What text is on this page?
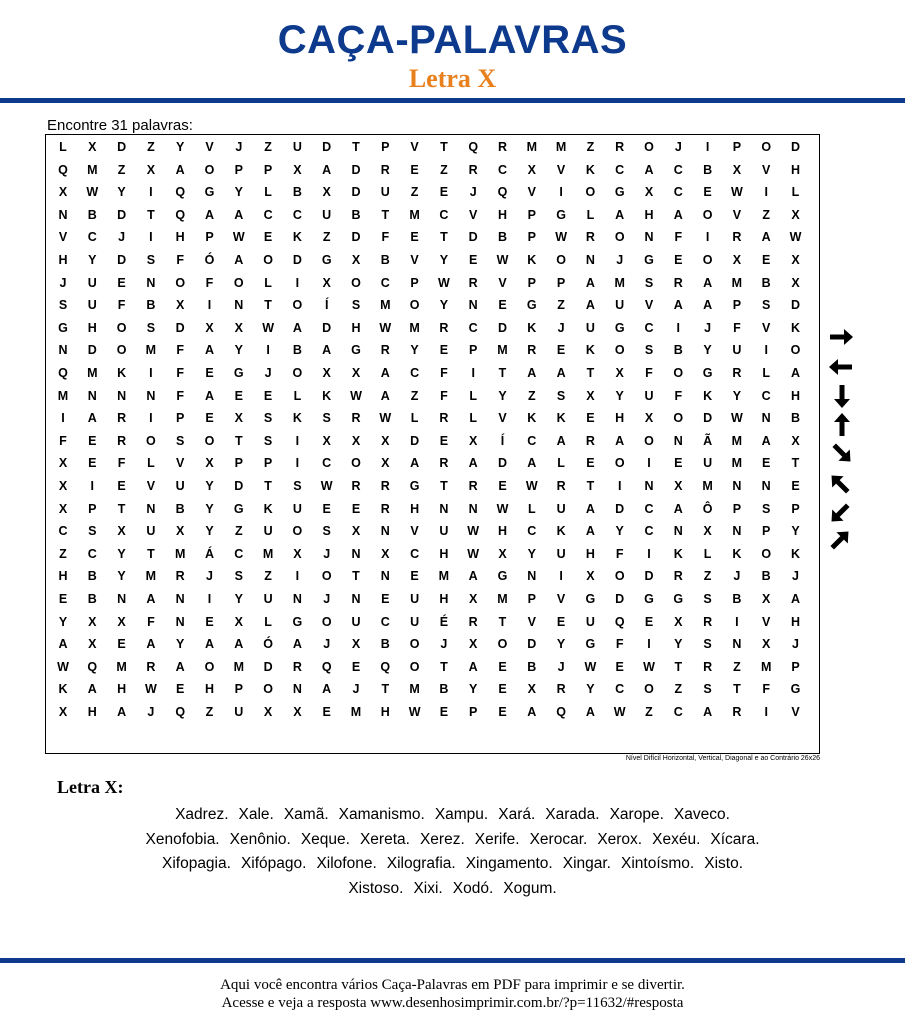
CAÇA-PALAVRAS
Letra X
Encontre 31 palavras:
L	X	D	Z	Y	V	J	Z	U	D	T	P	V	T	Q	R	M	M	Z	R	O	J	I	P	O	D
Q	M	Z	X	A	O	P	P	X	A	D	R	E	Z	R	C	X	V	K	C	A	C	B	X	V	H
X	W	Y	I	Q	G	Y	L	B	X	D	U	Z	E	J	Q	V	I	O	G	X	C	E	W	I	L
N	B	D	T	Q	A	A	C	C	U	B	T	M	C	V	H	P	G	L	A	H	A	O	V	Z	X
V	C	J	I	H	P	W	E	K	Z	D	F	E	T	D	B	P	W	R	O	N	F	I	R	A	W
H	Y	D	S	F	Ó	A	O	D	G	X	B	V	Y	E	W	K	O	N	J	G	E	O	X	E	X
J	U	E	N	O	F	O	L	I	X	O	C	P	W	R	V	P	P	A	M	S	R	A	M	B	X
S	U	F	B	X	I	N	T	O	Í	S	M	O	Y	N	E	G	Z	A	U	V	A	A	P	S	D
G	H	O	S	D	X	X	W	A	D	H	W	M	R	C	D	K	J	U	G	C	I	J	F	V	K
N	D	O	M	F	A	Y	I	B	A	G	R	Y	E	P	M	R	E	K	O	S	B	Y	U	I	O
Q	M	K	I	F	E	G	J	O	X	X	A	C	F	I	T	A	A	T	X	F	O	G	R	L	A
M	N	N	N	F	A	E	E	L	K	W	A	Z	F	L	Y	Z	S	X	Y	U	F	K	Y	C	H
I	A	R	I	P	E	X	S	K	S	R	W	L	R	L	V	K	K	E	H	X	O	D	W	N	B
F	E	R	O	S	O	T	S	I	X	X	X	D	E	X	Í	C	A	R	A	O	N	Ã	M	A	X
X	E	F	L	V	X	P	P	I	C	O	X	A	R	A	D	A	L	E	O	I	E	U	M	E	T
X	I	E	V	U	Y	D	T	S	W	R	R	G	T	R	E	W	R	T	I	N	X	M	N	N	E
X	P	T	N	B	Y	G	K	U	E	E	R	H	N	N	W	L	U	A	D	C	A	Ô	P	S	P
C	S	X	U	X	Y	Z	U	O	S	X	N	V	U	W	H	C	K	A	Y	C	N	X	N	P	Y
Z	C	Y	T	M	Á	C	M	X	J	N	X	C	H	W	X	Y	U	H	F	I	K	L	K	O	K
H	B	Y	M	R	J	S	Z	I	O	T	N	E	M	A	G	N	I	X	O	D	R	Z	J	B	J
E	B	N	A	N	I	Y	U	N	J	N	E	U	H	X	M	P	V	G	D	G	G	S	B	X	A
Y	X	X	F	N	E	X	L	G	O	U	C	U	É	R	T	V	E	U	Q	E	X	R	I	V	H
A	X	E	A	Y	A	A	Ó	A	J	X	B	O	J	X	O	D	Y	G	F	I	Y	S	N	X	J
W	Q	M	R	A	O	M	D	R	Q	E	Q	O	T	A	E	B	J	W	E	W	T	R	Z	M	P
K	A	H	W	E	H	P	O	N	A	J	T	M	B	Y	E	X	R	Y	C	O	Z	S	T	F	G
X	H	A	J	Q	Z	U	X	X	E	M	H	W	E	P	E	A	Q	A	W	Z	C	A	R	I	V
Nível Difícil Horizontal, Vertical, Diagonal e ao Contrário 26x26
Letra X:
Xadrez. Xale. Xamã. Xamanismo. Xampu. Xará. Xarada. Xarope. Xaveco.
Xenofobia. Xenônio. Xeque. Xereta. Xerez. Xerife. Xerocar. Xerox. Xexéu. Xícara.
Xifopagia. Xifópago. Xilofone. Xilografia. Xingamento. Xingar. Xintoísmo. Xisto.
Xistoso. Xixi. Xodó. Xogum.
Aqui você encontra vários Caça-Palavras em PDF para imprimir e se divertir.
Acesse e veja a resposta www.desenhosimprimir.com.br/?p=11632/#resposta
